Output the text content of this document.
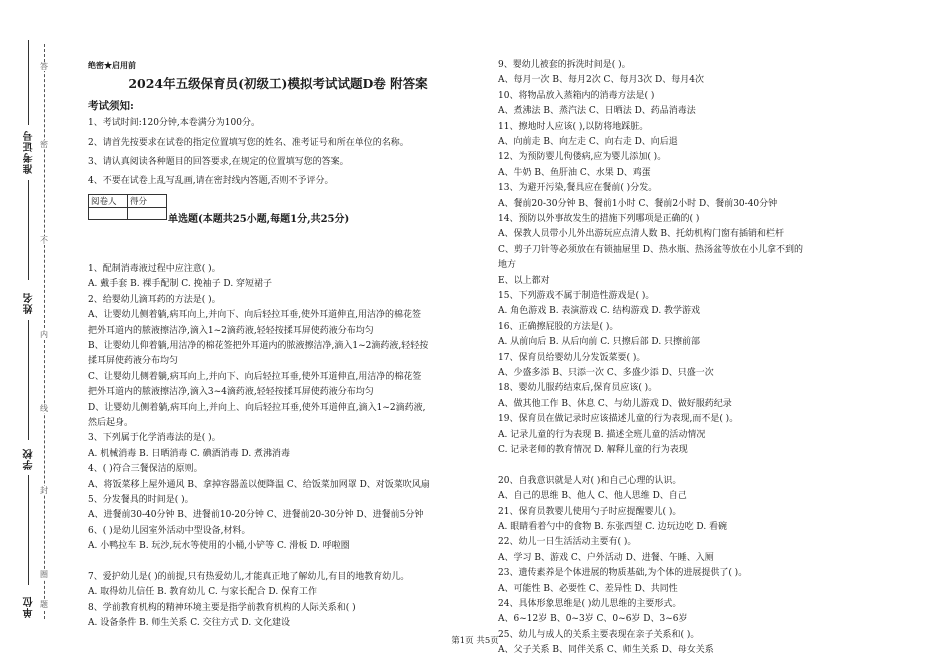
准考证号
姓名
学校
单位
答
密
不
内
线
封
圈
题
绝密★启用前
2024年五级保育员(初级工)模拟考试试题D卷 附答案
考试须知:
1、考试时间:120分钟,本卷满分为100分。
2、请首先按要求在试卷的指定位置填写您的姓名、准考证号和所在单位的名称。
3、请认真阅读各种题目的回答要求,在规定的位置填写您的答案。
4、不要在试卷上乱写乱画,请在密封线内答题,否则不予评分。
阅卷人	得分

单选题(本题共25小题,每题1分,共25分)
1、配制消毒液过程中应注意( )。
A. 戴手套 B. 裸手配制 C. 挽袖子 D. 穿短裙子
2、给婴幼儿滴耳药的方法是( )。
A、让婴幼儿侧着躺,病耳向上,并向下、向后轻拉耳垂,使外耳道伸直,用洁净的棉花签
把外耳道内的脓液擦洁净,滴入1~2滴药液,轻轻按揉耳屏使药液分布均匀
B、让婴幼儿仰着躺,用洁净的棉花签把外耳道内的脓液擦洁净,滴入1~2滴药液,轻轻按
揉耳屏使药液分布均匀
C、让婴幼儿侧着躺,病耳向上,并向下、向后轻拉耳垂,使外耳道伸直,用洁净的棉花签
把外耳道内的脓液擦洁净,滴入3~4滴药液,轻轻按揉耳屏使药液分布均匀
D、让婴幼儿侧着躺,病耳向上,并向上、向后轻拉耳垂,使外耳道伸直,滴入1~2滴药液,
然后起身。
3、下列属于化学消毒法的是( )。
A. 机械消毒 B. 日晒消毒 C. 碘酒消毒 D. 煮沸消毒
4、( )符合三餐保洁的原则。
A、将饭菜移上屋外通风 B、拿掉容器盖以便降温 C、给饭菜加网罩 D、对饭菜吹风扇
5、分发餐具的时间是( )。
A、进餐前30-40分钟 B、进餐前10-20分钟 C、进餐前20-30分钟 D、进餐前5分钟
6、( )是幼儿园室外活动中型设备,材料。
A. 小鸭拉车 B. 玩沙,玩水等使用的小桶,小铲等 C. 滑板 D. 呼啦圈
7、爱护幼儿是( )的前提,只有热爱幼儿,才能真正地了解幼儿,有目的地教育幼儿。
A. 取得幼儿信任 B. 教育幼儿 C. 与家长配合 D. 保育工作
8、学前教育机构的精神环境主要是指学前教育机构的人际关系和( )
A. 设备条件 B. 师生关系 C. 交往方式 D. 文化建设
9、婴幼儿被套的拆洗时间是( )。
A、每月一次 B、每月2次 C、每月3次 D、每月4次
10、将物品放入蒸箱内的消毒方法是( )
A、煮沸法 B、蒸汽法 C、日晒法 D、药品消毒法
11、擦地时人应该( ),以防将地踩脏。
A、向前走 B、向左走 C、向右走 D、向后退
12、为预防婴儿佝偻病,应为婴儿添加( )。
A、牛奶 B、鱼肝油 C、水果 D、鸡蛋
13、为避开污染,餐具应在餐前( )分发。
A、餐前20-30分钟 B、餐前1小时 C、餐前2小时 D、餐前30-40分钟
14、预防以外事故发生的措施下列哪项是正确的( )
A、保教人员带小儿外出游玩应点清人数 B、托幼机构门窗有插销和栏杆
C、剪子刀针等必须放在有锁抽屉里 D、热水瓶、热汤盆等放在小儿拿不到的
地方
E、以上都对
15、下列游戏不属于制造性游戏是( )。
A. 角色游戏 B. 表演游戏 C. 结构游戏 D. 教学游戏
16、正确擦屁股的方法是( )。
A. 从前向后 B. 从后向前 C. 只擦后部 D. 只擦前部
17、保育员给婴幼儿分发饭菜要( )。
A、少盛多添 B、只添一次 C、多盛少添 D、只盛一次
18、婴幼儿服药结束后,保育员应该( )。
A、做其他工作 B、休息 C、与幼儿游戏 D、做好服药纪录
19、保育员在做记录时应该描述儿童的行为表现,而不是( )。
A. 记录儿童的行为表现 B. 描述全班儿童的活动情况
C. 记录老师的教育情况 D. 解释儿童的行为表现
20、自我意识就是人对( )和自己心理的认识。
A、自己的思维 B、他人 C、他人思维 D、自己
21、保育员教婴儿使用勺子时应提醒婴儿( )。
A. 眼睛看着勺中的食物 B. 东张西望 C. 边玩边吃 D. 看碗
22、幼儿一日生活活动主要有( )。
A、学习 B、游戏 C、户外活动 D、进餐、午睡、入厕
23、遗传素养是个体进展的物质基础,为个体的进展提供了( )。
A、可能性 B、必要性 C、差异性 D、共同性
24、具体形象思维是( )幼儿思维的主要形式。
A、6~12岁 B、0~3岁 C、0~6岁 D、3~6岁
25、幼儿与成人的关系主要表现在亲子关系和( )。
A、父子关系 B、同伴关系 C、师生关系 D、母女关系
第1页 共5页
